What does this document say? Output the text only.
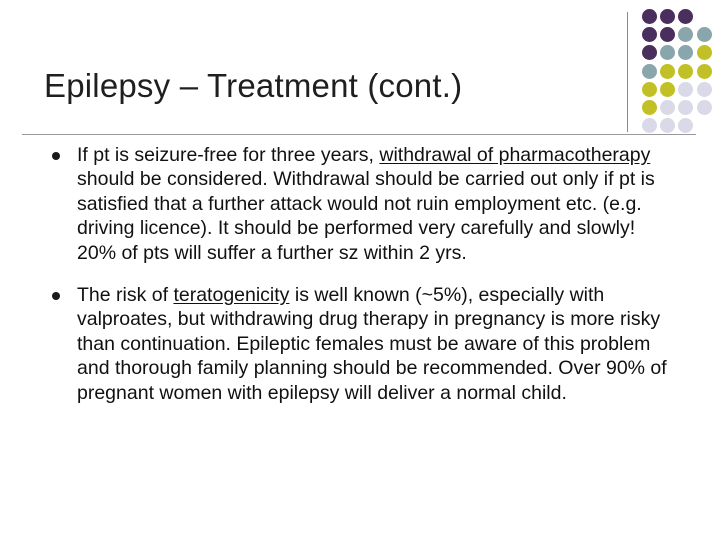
Epilepsy – Treatment (cont.)
If pt is seizure-free for three years, withdrawal of pharmacotherapy should be considered. Withdrawal should be carried out only if pt is satisfied that a further attack would not ruin employment etc. (e.g. driving licence). It should be performed very carefully and slowly! 20% of pts will suffer a further sz within 2 yrs.
The risk of teratogenicity is well known (~5%), especially with valproates, but withdrawing drug therapy in pregnancy is more risky than continuation. Epileptic females must be aware of this problem and thorough family planning should be recommended. Over 90% of pregnant women with epilepsy will deliver a normal child.
